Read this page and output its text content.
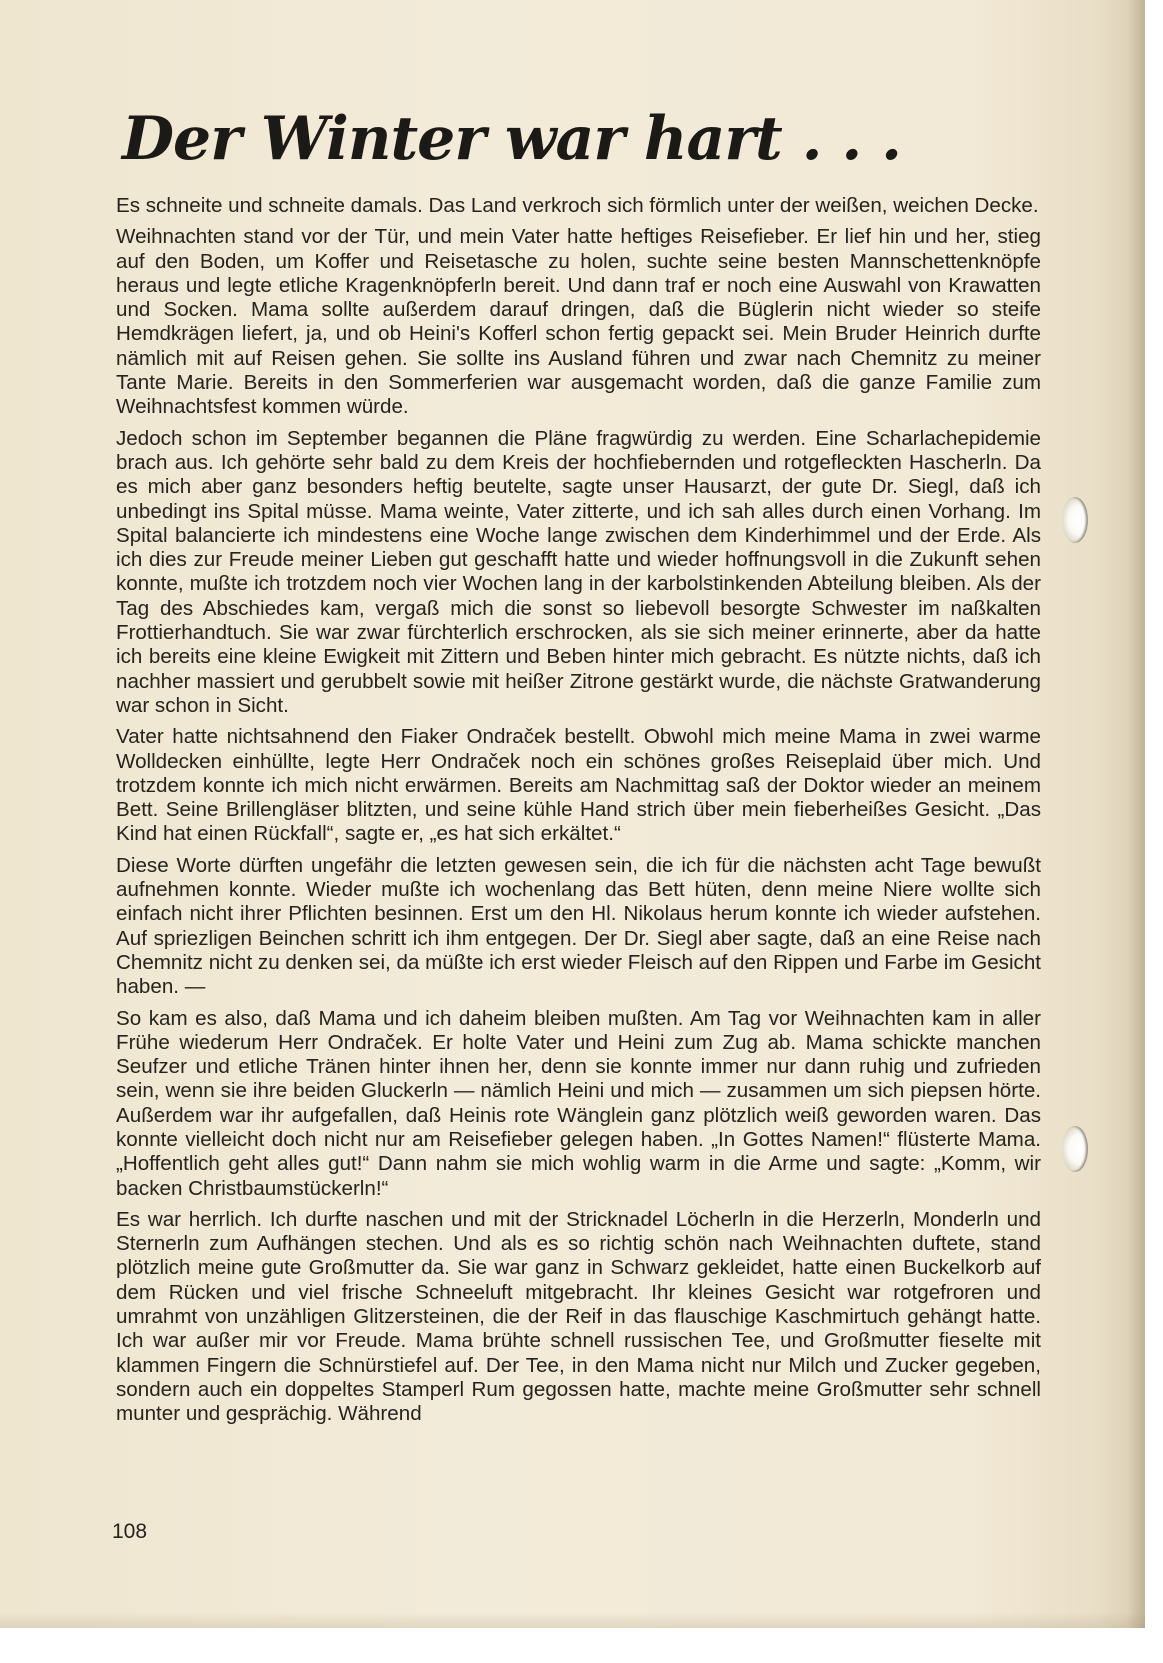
Der Winter war hart . . .

Es schneite und schneite damals. Das Land verkroch sich förmlich unter der weißen, weichen Decke.

Weihnachten stand vor der Tür, und mein Vater hatte heftiges Reisefieber. Er lief hin und her, stieg auf den Boden, um Koffer und Reisetasche zu holen, suchte seine besten Mannschettenknöpfe heraus und legte etliche Kragenknöpferln bereit. Und dann traf er noch eine Auswahl von Krawatten und Socken. Mama sollte außerdem darauf dringen, daß die Büglerin nicht wieder so steife Hemdkrägen liefert, ja, und ob Heini's Kofferl schon fertig gepackt sei. Mein Bruder Heinrich durfte nämlich mit auf Reisen gehen. Sie sollte ins Ausland führen und zwar nach Chemnitz zu meiner Tante Marie. Bereits in den Sommerferien war ausgemacht worden, daß die ganze Familie zum Weihnachtsfest kommen würde.

Jedoch schon im September begannen die Pläne fragwürdig zu werden. Eine Scharlachepidemie brach aus. Ich gehörte sehr bald zu dem Kreis der hochfiebernden und rotgefleckten Hascherln. Da es mich aber ganz besonders heftig beutelte, sagte unser Hausarzt, der gute Dr. Siegl, daß ich unbedingt ins Spital müsse. Mama weinte, Vater zitterte, und ich sah alles durch einen Vorhang. Im Spital balancierte ich mindestens eine Woche lange zwischen dem Kinderhimmel und der Erde. Als ich dies zur Freude meiner Lieben gut geschafft hatte und wieder hoffnungsvoll in die Zukunft sehen konnte, mußte ich trotzdem noch vier Wochen lang in der karbolstinkenden Abteilung bleiben. Als der Tag des Abschiedes kam, vergaß mich die sonst so liebevoll besorgte Schwester im naßkalten Frottierhandtuch. Sie war zwar fürchterlich erschrocken, als sie sich meiner erinnerte, aber da hatte ich bereits eine kleine Ewigkeit mit Zittern und Beben hinter mich gebracht. Es nützte nichts, daß ich nachher massiert und gerubbelt sowie mit heißer Zitrone gestärkt wurde, die nächste Gratwanderung war schon in Sicht.

Vater hatte nichtsahnend den Fiaker Ondraček bestellt. Obwohl mich meine Mama in zwei warme Wolldecken einhüllte, legte Herr Ondraček noch ein schönes großes Reiseplaid über mich. Und trotzdem konnte ich mich nicht erwärmen. Bereits am Nachmittag saß der Doktor wieder an meinem Bett. Seine Brillengläser blitzten, und seine kühle Hand strich über mein fieberheißes Gesicht. „Das Kind hat einen Rückfall“, sagte er, „es hat sich erkältet.“

Diese Worte dürften ungefähr die letzten gewesen sein, die ich für die nächsten acht Tage bewußt aufnehmen konnte. Wieder mußte ich wochenlang das Bett hüten, denn meine Niere wollte sich einfach nicht ihrer Pflichten besinnen. Erst um den Hl. Nikolaus herum konnte ich wieder aufstehen. Auf spriezligen Beinchen schritt ich ihm entgegen. Der Dr. Siegl aber sagte, daß an eine Reise nach Chemnitz nicht zu denken sei, da müßte ich erst wieder Fleisch auf den Rippen und Farbe im Gesicht haben. —

So kam es also, daß Mama und ich daheim bleiben mußten. Am Tag vor Weihnachten kam in aller Frühe wiederum Herr Ondraček. Er holte Vater und Heini zum Zug ab. Mama schickte manchen Seufzer und etliche Tränen hinter ihnen her, denn sie konnte immer nur dann ruhig und zufrieden sein, wenn sie ihre beiden Gluckerln — nämlich Heini und mich — zusammen um sich piepsen hörte. Außerdem war ihr aufgefallen, daß Heinis rote Wänglein ganz plötzlich weiß geworden waren. Das konnte vielleicht doch nicht nur am Reisefieber gelegen haben. „In Gottes Namen!“ flüsterte Mama. „Hoffentlich geht alles gut!“ Dann nahm sie mich wohlig warm in die Arme und sagte: „Komm, wir backen Christbaumstückerln!“

Es war herrlich. Ich durfte naschen und mit der Stricknadel Löcherln in die Herzerln, Monderln und Sternerln zum Aufhängen stechen. Und als es so richtig schön nach Weihnachten duftete, stand plötzlich meine gute Großmutter da. Sie war ganz in Schwarz gekleidet, hatte einen Buckelkorb auf dem Rücken und viel frische Schneeluft mitgebracht. Ihr kleines Gesicht war rotgefroren und umrahmt von unzähligen Glitzersteinen, die der Reif in das flauschige Kaschmirtuch gehängt hatte. Ich war außer mir vor Freude. Mama brühte schnell russischen Tee, und Großmutter fieselte mit klammen Fingern die Schnürstiefel auf. Der Tee, in den Mama nicht nur Milch und Zucker gegeben, sondern auch ein doppeltes Stamperl Rum gegossen hatte, machte meine Großmutter sehr schnell munter und gesprächig. Während

108
